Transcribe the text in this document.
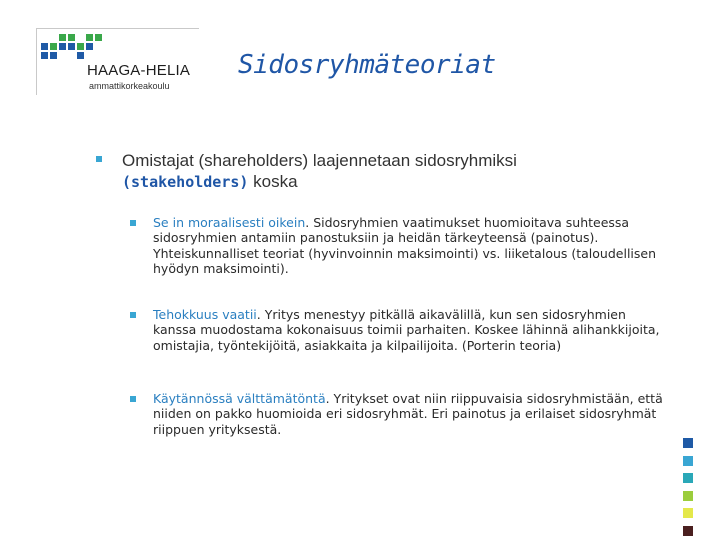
HAAGA-HELIA
ammattikorkeakoulu
Sidosryhmäteoriat
Omistajat (shareholders) laajennetaan sidosryhmiksi
(stakeholders) koska
Se in moraalisesti oikein. Sidosryhmien vaatimukset huomioitava suhteessa sidosryhmien antamiin panostuksiin ja heidän tärkeyteensä (painotus). Yhteiskunnalliset teoriat (hyvinvoinnin maksimointi) vs. liiketalous (taloudellisen hyödyn maksimointi).
Tehokkuus vaatii. Yritys menestyy pitkällä aikavälillä, kun sen sidosryhmien kanssa muodostama kokonaisuus toimii parhaiten. Koskee lähinnä alihankkijoita, omistajia, työntekijöitä, asiakkaita ja kilpailijoita. (Porterin teoria)
Käytännössä välttämätöntä. Yritykset ovat niin riippuvaisia sidosryhmistään, että niiden on pakko huomioida eri sidosryhmät. Eri painotus ja erilaiset sidosryhmät riippuen yrityksestä.
